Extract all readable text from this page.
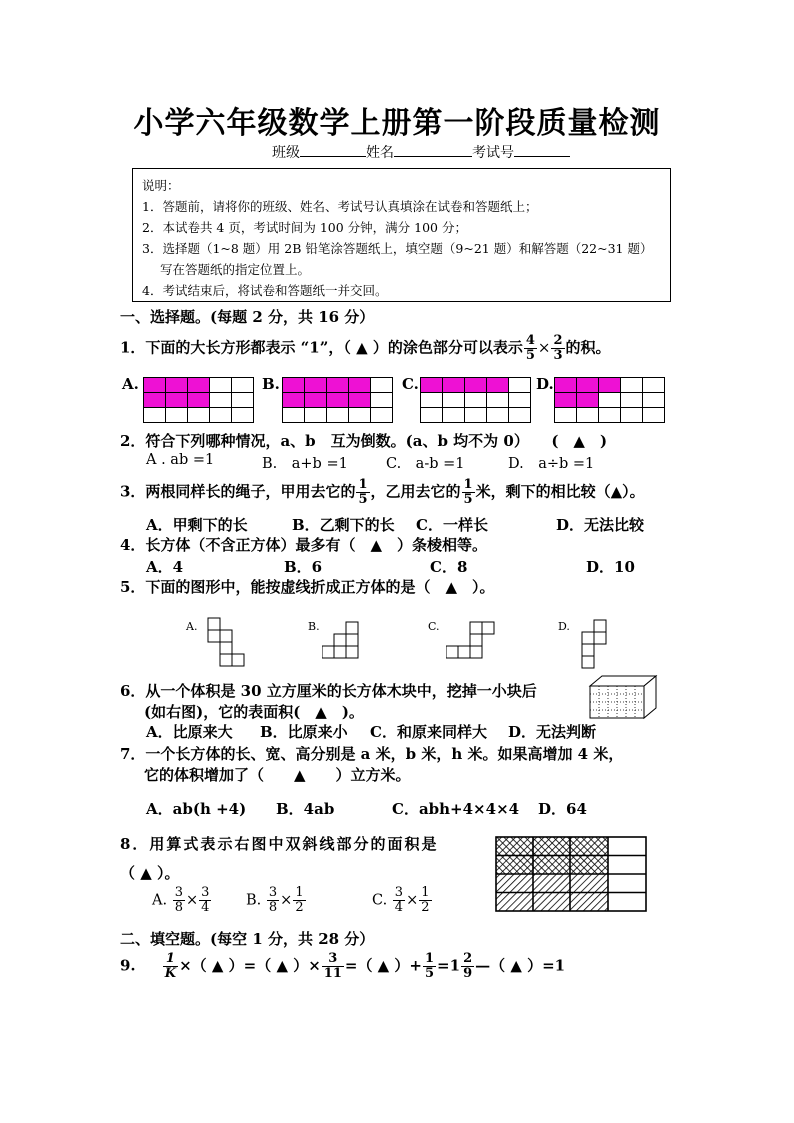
小学六年级数学上册第一阶段质量检测
班级	姓名	考试号
说明：
1．答题前，请将你的班级、姓名、考试号认真填涂在试卷和答题纸上；
2．本试卷共 4 页，考试时间为 100 分钟，满分 100 分；
3．选择题（1~8 题）用 2B 铅笔涂答题纸上，填空题（9~21 题）和解答题（22~31 题）
写在答题纸的指定位置上。
4．考试结束后，将试卷和答题纸一并交回。
一、选择题。(每题 2 分，共 16 分）
1．下面的大长方形都表示 “1”，（ ▲ ）的涂色部分可以表示 $\frac{4}{5} \times \frac{2}{3}$ 的积。
A.	B.	C.	D.

2．符合下列哪种情况，a、b　互为倒数。(a、b 均不为 0）　　(　▲　)
A . ab =1	B.　a+b =1	C.　a-b =1	D.　a÷b =1
3．两根同样长的绳子，甲用去它的 $\frac{1}{5}$ ，乙用去它的 $\frac{1}{5}$ 米，剩下的相比较（▲）。
A．甲剩下的长	B．乙剩下的长 C．一样长	D．无法比较
4．长方体（不含正方体）最多有（　▲　）条棱相等。
A．4	B．6	C．8	D．10
5．下面的图形中，能按虚线折成正方体的是（　▲　）。
A.	B.	C.	D.
6．从一个体积是 30 立方厘米的长方体木块中，挖掉一小块后
(如右图)，它的表面积(　▲　)。
A．比原来大 B．比原来小 C．和原来同样大 D．无法判断
7．一个长方体的长、宽、高分别是 a 米，b 米，h 米。如果高增加 4 米，
它的体积增加了（　　▲　　）立方米。
A．ab(h +4) B．4ab	C．abh+4×4×4 D．64
8．用算式表示右图中双斜线部分的面积是
（ ▲ ）。
A. $\frac{3}{8} \times \frac{3}{4} B$. $\frac{3}{8} \times \frac{1}{2}$	C. $\frac{3}{4} \times \frac{1}{2}$
二、填空题。(每空 1 分，共 28 分）
9. $\frac{1}{K}$ ×（ ▲ ）=（ ▲ ）× $\frac{3}{11}$ =（ ▲ ）+ $\frac{1}{5} =1 \frac{2}{9}$ —（ ▲ ）=1
